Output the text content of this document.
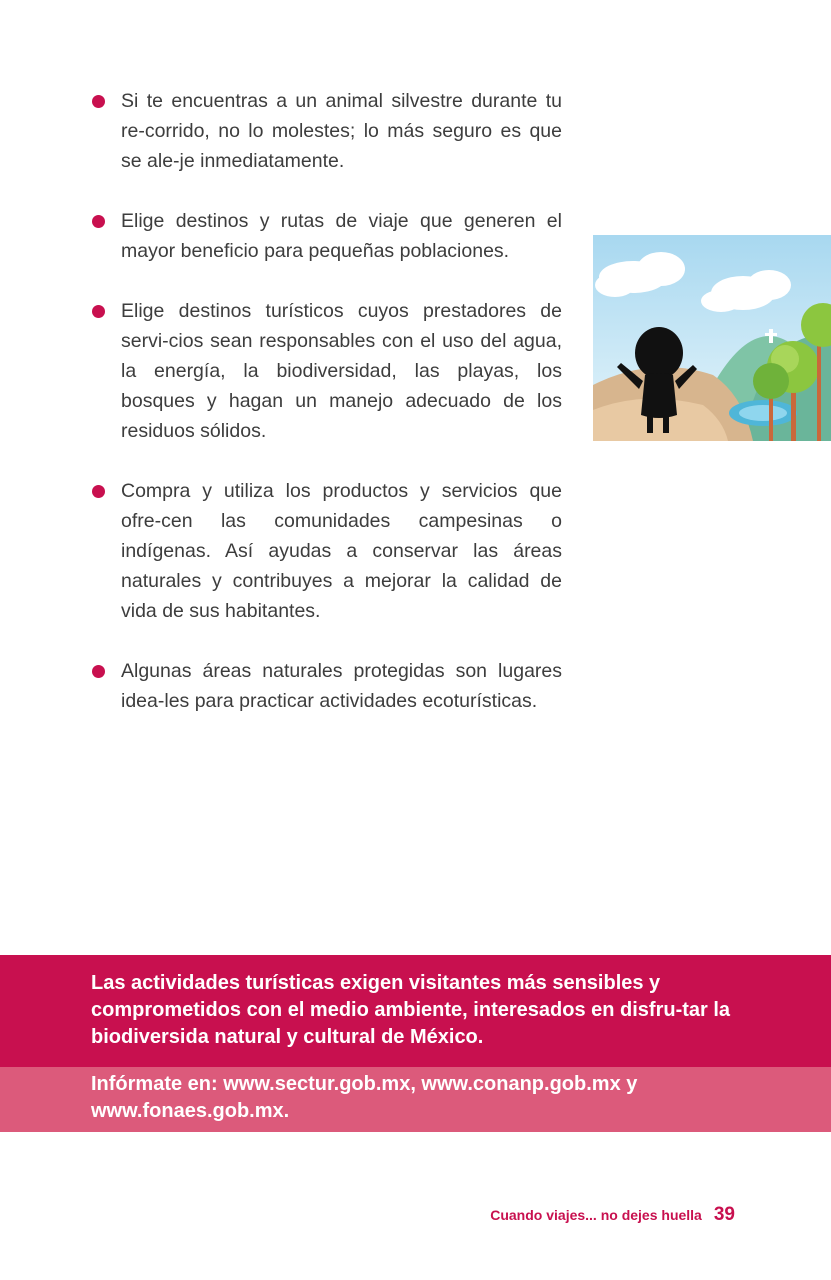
Si te encuentras a un animal silvestre durante tu re-corrido, no lo molestes; lo más seguro es que se ale-je inmediatamente.
Elige destinos y rutas de viaje que generen el mayor beneficio para pequeñas poblaciones.
Elige destinos turísticos cuyos prestadores de servi-cios sean responsables con el uso del agua, la energía, la biodiversidad, las playas, los bosques y hagan un manejo adecuado de los residuos sólidos.
Compra y utiliza los productos y servicios que ofre-cen las comunidades campesinas o indígenas. Así ayudas a conservar las áreas naturales y contribuyes a mejorar la calidad de vida de sus habitantes.
Algunas áreas naturales protegidas son lugares idea-les para practicar actividades ecoturísticas.

Las actividades turísticas exigen visitantes más sensibles y comprometidos con el medio ambiente, interesados en disfru-tar la biodiversida natural y cultural de México.

Infórmate en: www.sectur.gob.mx, www.conanp.gob.mx y www.fonaes.gob.mx.

Cuando viajes... no dejes huella 39
